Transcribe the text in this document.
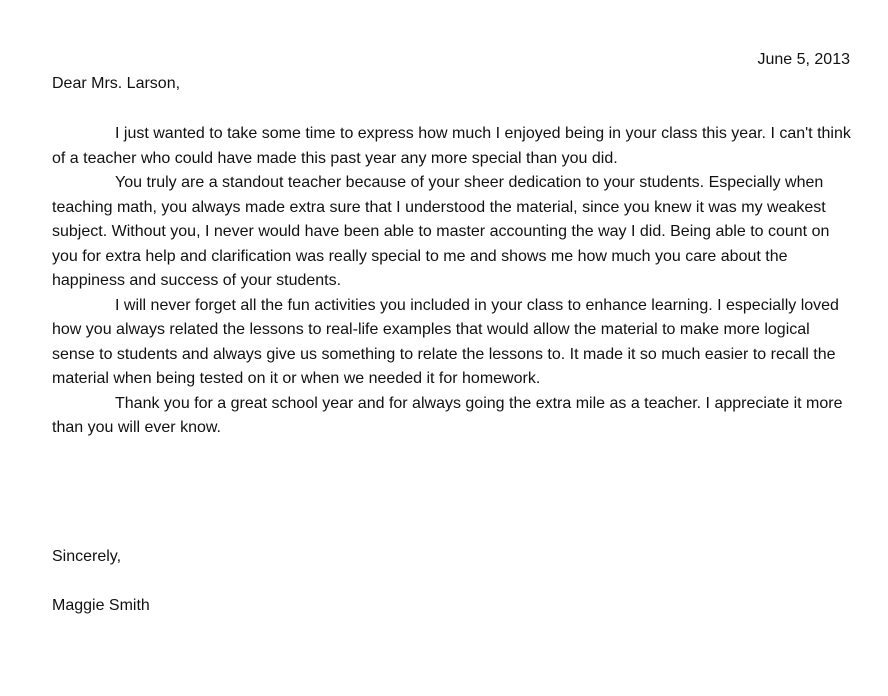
June 5, 2013
Dear Mrs. Larson,

I just wanted to take some time to express how much I enjoyed being in your class this year. I can't think of a teacher who could have made this past year any more special than you did.

You truly are a standout teacher because of your sheer dedication to your students. Especially when teaching math, you always made extra sure that I understood the material, since you knew it was my weakest subject. Without you, I never would have been able to master accounting the way I did. Being able to count on you for extra help and clarification was really special to me and shows me how much you care about the happiness and success of your students.

I will never forget all the fun activities you included in your class to enhance learning. I especially loved how you always related the lessons to real-life examples that would allow the material to make more logical sense to students and always give us something to relate the lessons to. It made it so much easier to recall the material when being tested on it or when we needed it for homework.

Thank you for a great school year and for always going the extra mile as a teacher. I appreciate it more than you will ever know.

Sincerely,
Maggie Smith
